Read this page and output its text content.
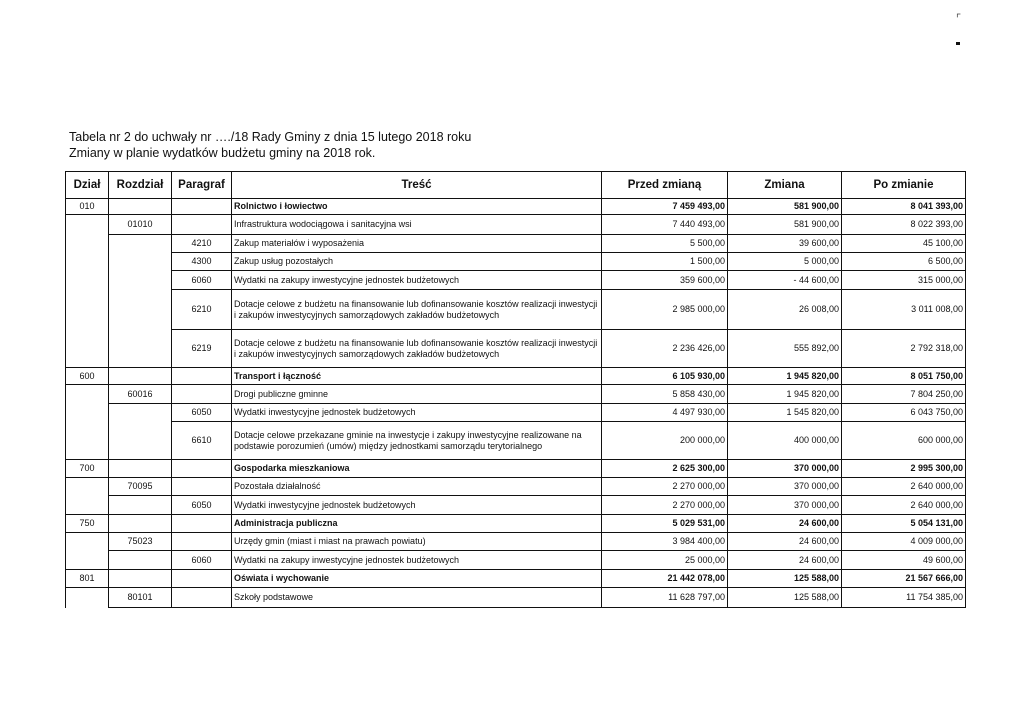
⌜
Tabela nr 2 do uchwały nr …./18 Rady Gminy z dnia 15 lutego 2018 roku
Zmiany w planie wydatków budżetu gminy na 2018 rok.
Dział	Rozdział	Paragraf	Treść	Przed zmianą	Zmiana	Po zmianie
010			Rolnictwo i łowiectwo	7 459 493,00	581 900,00	8 041 393,00
	01010		Infrastruktura wodociągowa i sanitacyjna wsi	7 440 493,00	581 900,00	8 022 393,00
		4210	Zakup materiałów i wyposażenia	5 500,00	39 600,00	45 100,00
		4300	Zakup usług pozostałych	1 500,00	5 000,00	6 500,00
		6060	Wydatki na zakupy inwestycyjne jednostek budżetowych	359 600,00	- 44 600,00	315 000,00
		6210	Dotacje celowe z budżetu na finansowanie lub dofinansowanie kosztów realizacji inwestycji i zakupów inwestycyjnych samorządowych zakładów budżetowych	2 985 000,00	26 008,00	3 011 008,00
		6219	Dotacje celowe z budżetu na finansowanie lub dofinansowanie kosztów realizacji inwestycji i zakupów inwestycyjnych samorządowych zakładów budżetowych	2 236 426,00	555 892,00	2 792 318,00
600			Transport i łączność	6 105 930,00	1 945 820,00	8 051 750,00
	60016		Drogi publiczne gminne	5 858 430,00	1 945 820,00	7 804 250,00
		6050	Wydatki inwestycyjne jednostek budżetowych	4 497 930,00	1 545 820,00	6 043 750,00
		6610	Dotacje celowe przekazane gminie na inwestycje i zakupy inwestycyjne realizowane na podstawie porozumień (umów) między jednostkami samorządu terytorialnego	200 000,00	400 000,00	600 000,00
700			Gospodarka mieszkaniowa	2 625 300,00	370 000,00	2 995 300,00
	70095		Pozostała działalność	2 270 000,00	370 000,00	2 640 000,00
		6050	Wydatki inwestycyjne jednostek budżetowych	2 270 000,00	370 000,00	2 640 000,00
750			Administracja publiczna	5 029 531,00	24 600,00	5 054 131,00
	75023		Urzędy gmin (miast i miast na prawach powiatu)	3 984 400,00	24 600,00	4 009 000,00
		6060	Wydatki na zakupy inwestycyjne jednostek budżetowych	25 000,00	24 600,00	49 600,00
801			Oświata i wychowanie	21 442 078,00	125 588,00	21 567 666,00
	80101		Szkoły podstawowe	11 628 797,00	125 588,00	11 754 385,00
